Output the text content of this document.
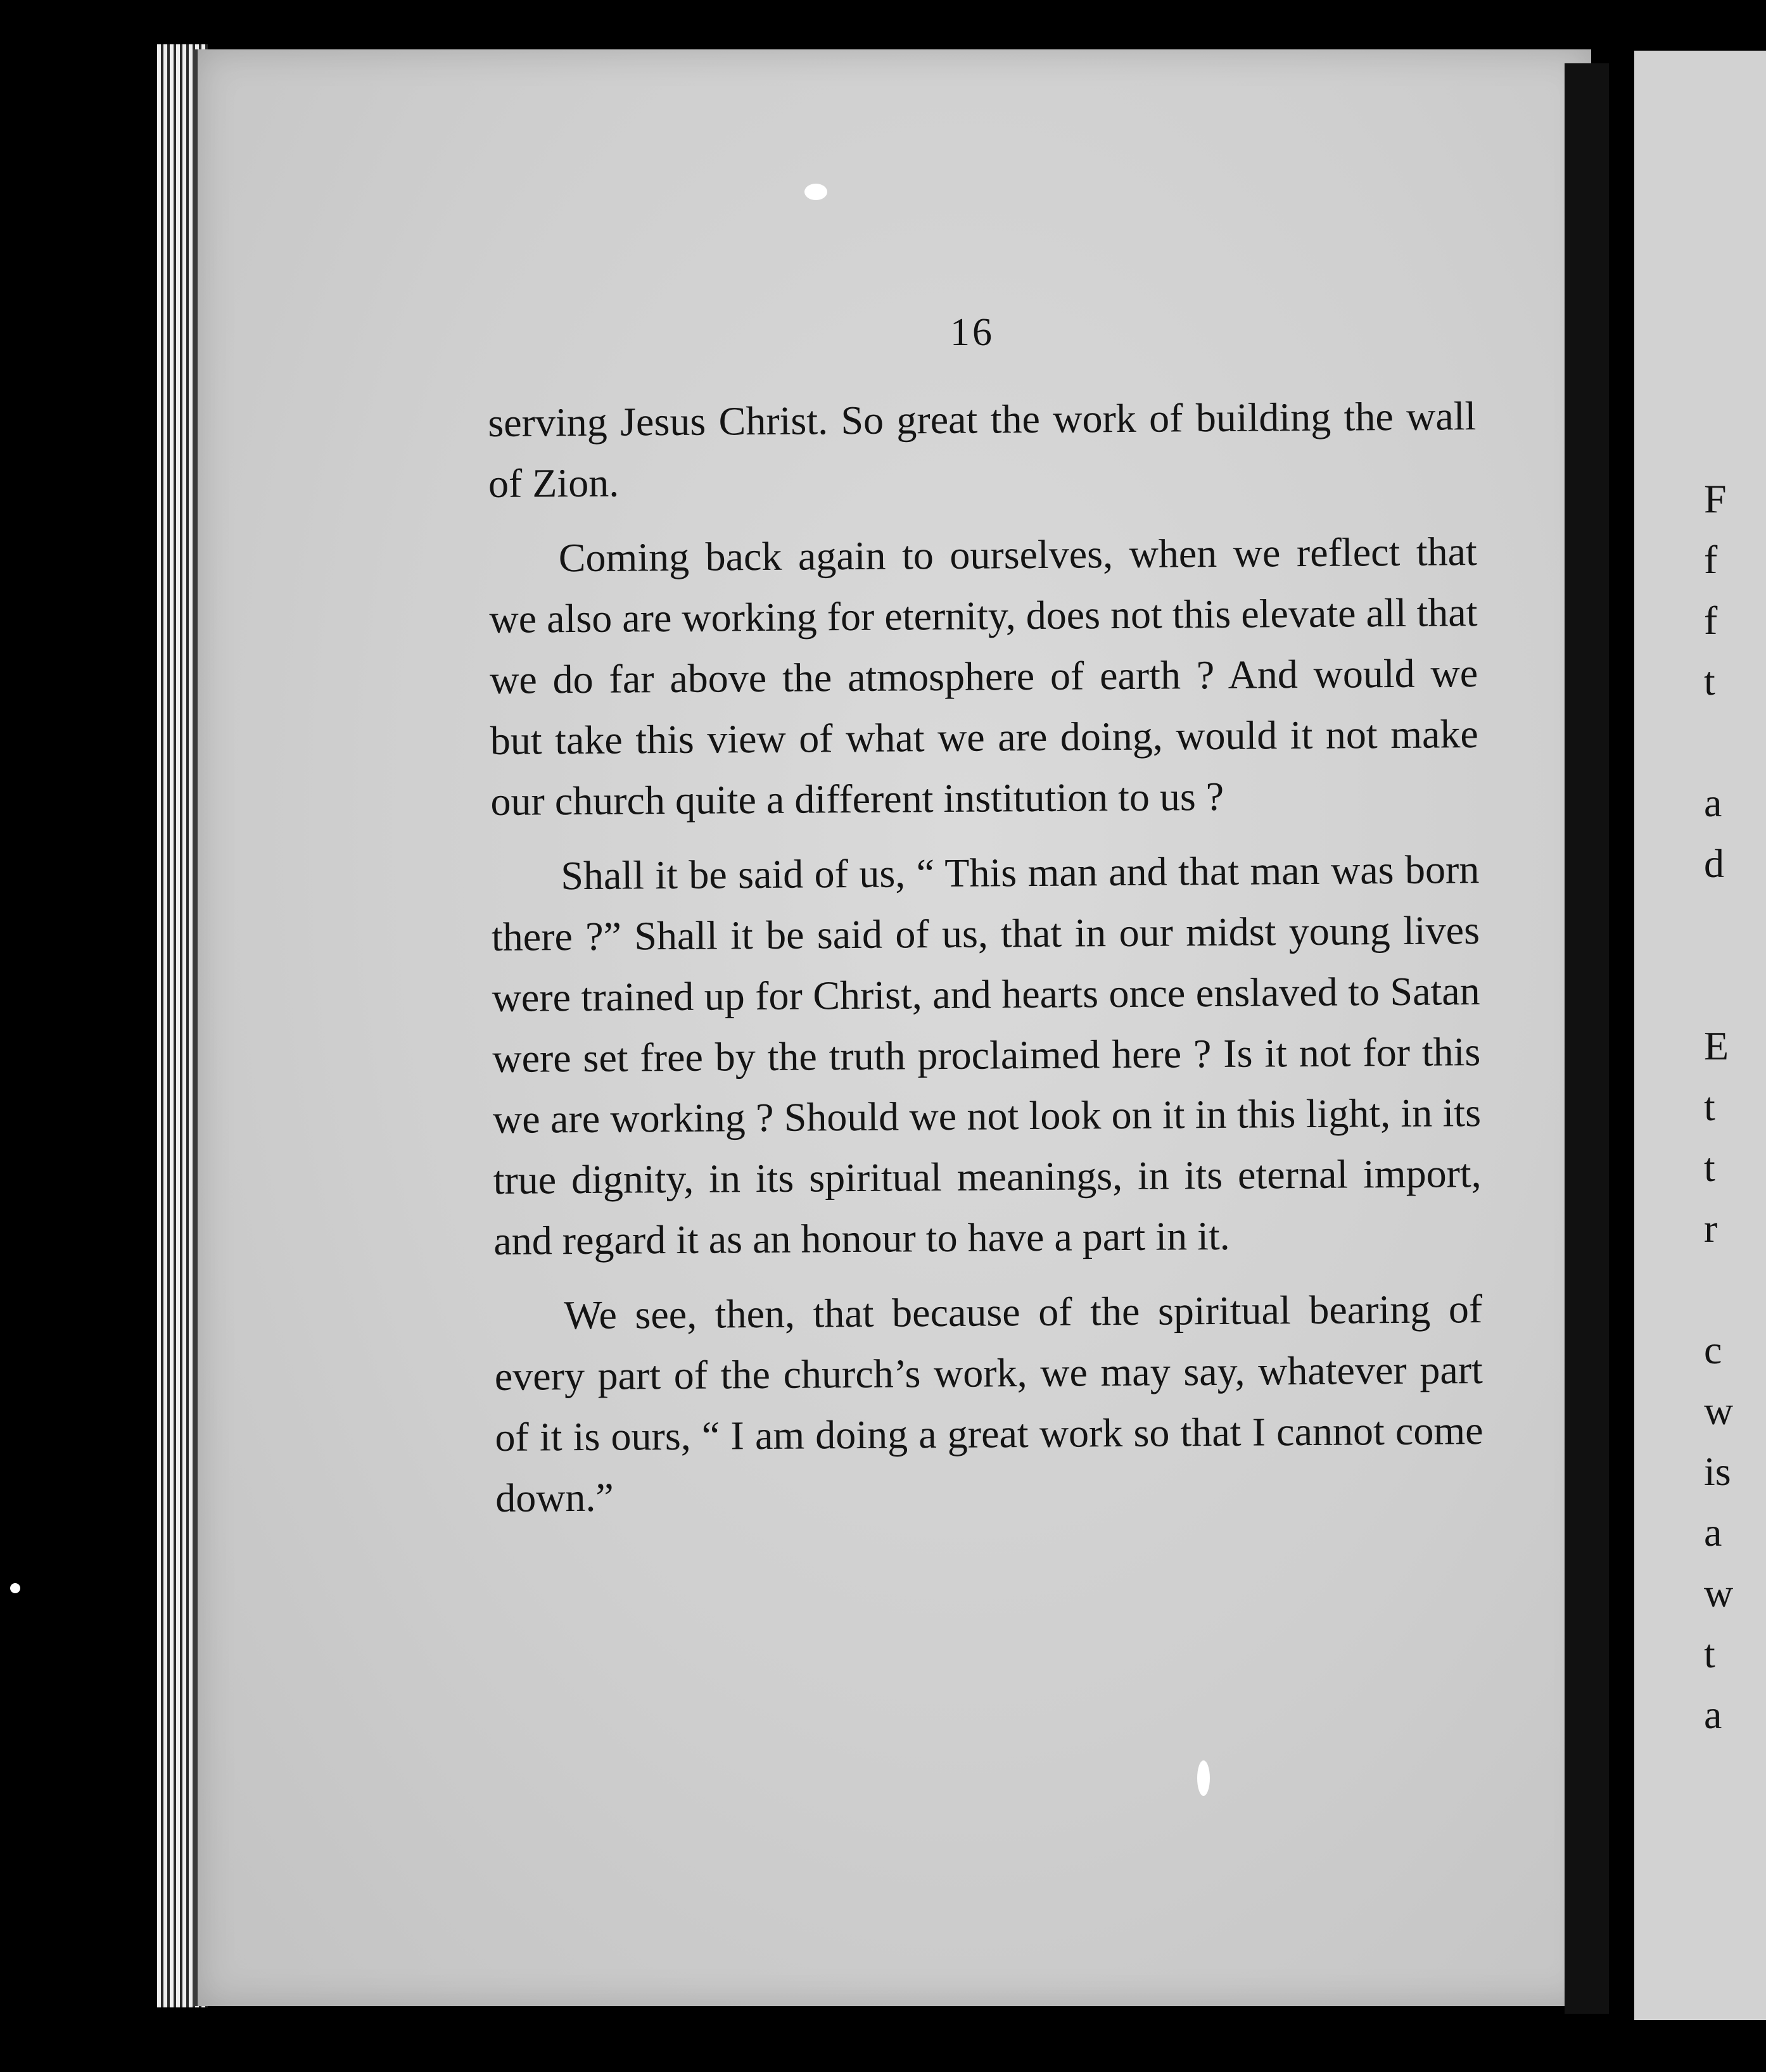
16

serving Jesus Christ. So great the work of building the wall of Zion.

Coming back again to ourselves, when we reflect that we also are working for eternity, does not this elevate all that we do far above the atmosphere of earth ? And would we but take this view of what we are doing, would it not make our church quite a different institution to us ?

Shall it be said of us, “ This man and that man was born there ?” Shall it be said of us, that in our midst young lives were trained up for Christ, and hearts once enslaved to Satan were set free by the truth proclaimed here ? Is it not for this we are working ? Should we not look on it in this light, in its true dignity, in its spiritual meanings, in its eternal import, and regard it as an honour to have a part in it.

We see, then, that because of the spiritual bearing of every part of the church’s work, we may say, whatever part of it is ours, “ I am doing a great work so that I cannot come down.”

F
f
f
t

a
d

E
t
t
r

c
w
is
a
w
t
a
